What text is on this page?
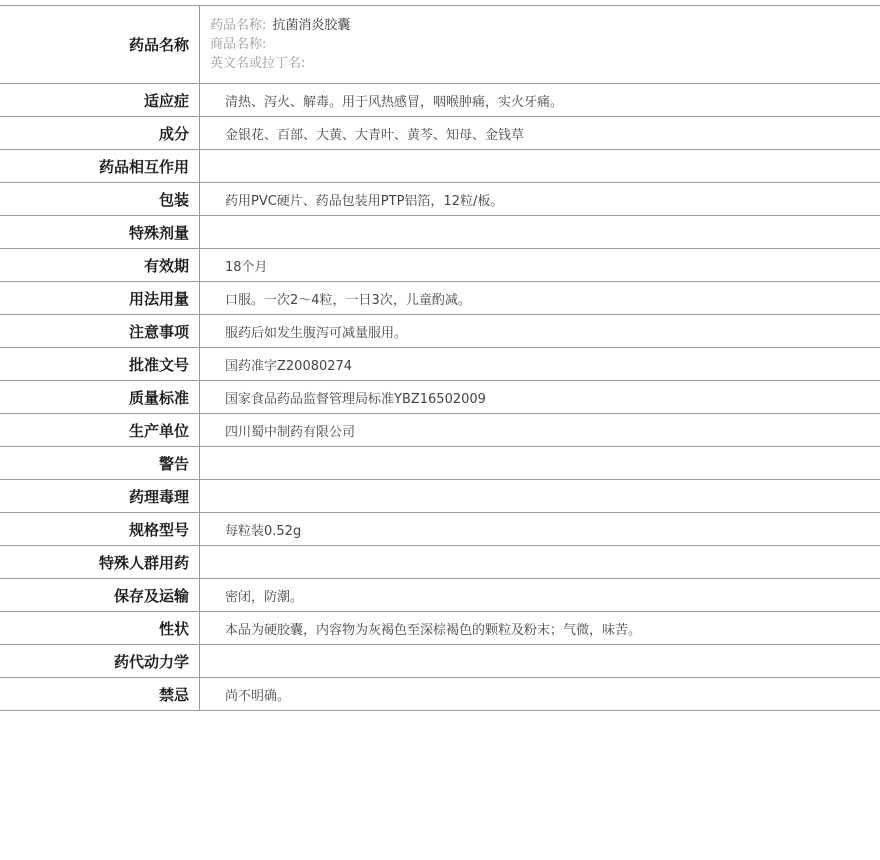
药品名称
药品名称: 抗菌消炎胶囊
商品名称:
英文名或拉丁名:
适应症	清热、泻火、解毒。用于风热感冒，咽喉肿痛，实火牙痛。
成分	金银花、百部、大黄、大青叶、黄芩、知母、金钱草
药品相互作用
包装	药用PVC硬片、药品包装用PTP铝箔，12粒/板。
特殊剂量
有效期	18个月
用法用量	口服。一次2～4粒，一日3次，儿童酌减。
注意事项	服药后如发生腹泻可减量服用。
批准文号	国药准字Z20080274
质量标准	国家食品药品监督管理局标准YBZ16502009
生产单位	四川蜀中制药有限公司
警告
药理毒理
规格型号	每粒装0.52g
特殊人群用药
保存及运输	密闭，防潮。
性状	本品为硬胶囊，内容物为灰褐色至深棕褐色的颗粒及粉末；气微，味苦。
药代动力学
禁忌	尚不明确。
